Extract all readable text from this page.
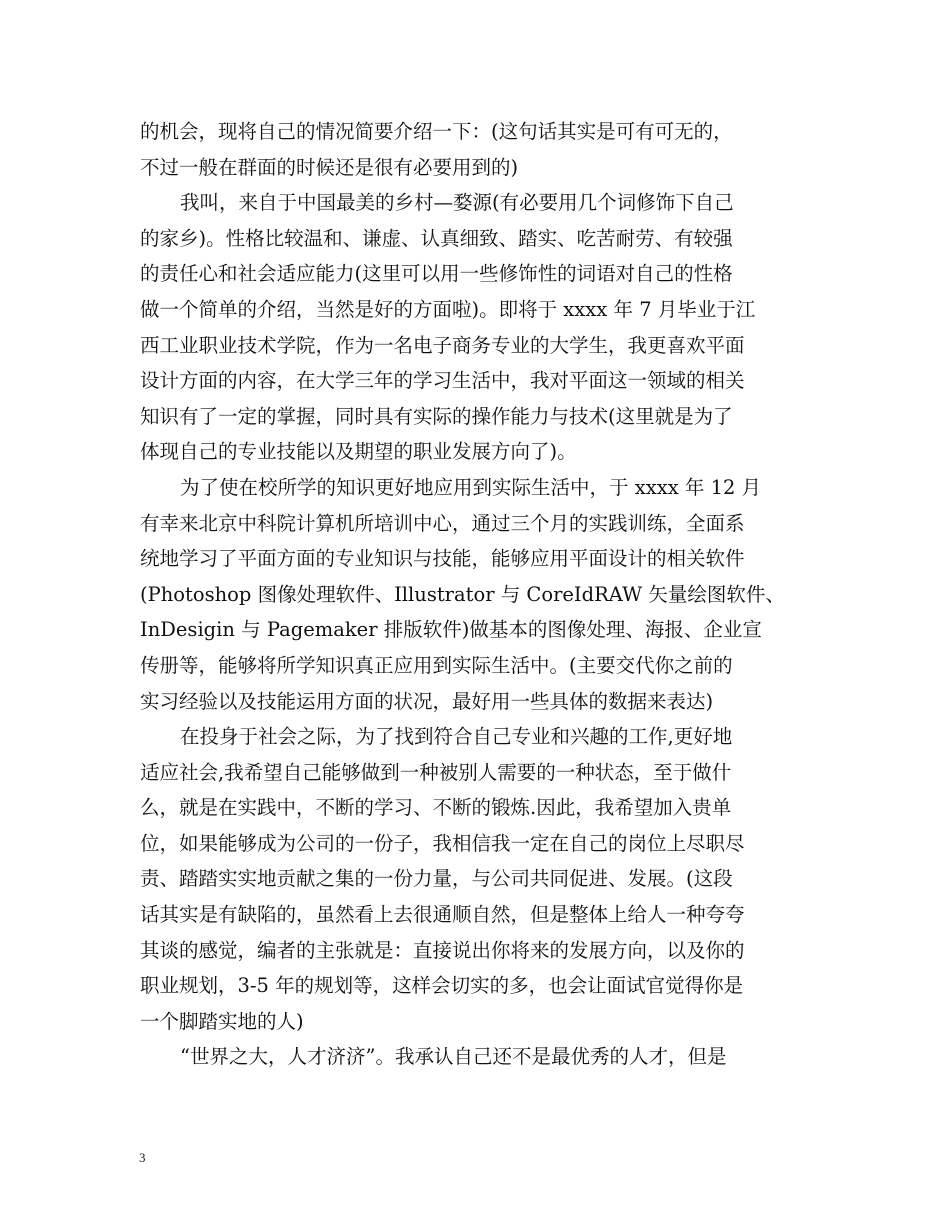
的机会，现将自己的情况简要介绍一下：(这句话其实是可有可无的，
不过一般在群面的时候还是很有必要用到的)
我叫，来自于中国最美的乡村—婺源(有必要用几个词修饰下自己
的家乡)。性格比较温和、谦虚、认真细致、踏实、吃苦耐劳、有较强
的责任心和社会适应能力(这里可以用一些修饰性的词语对自己的性格
做一个简单的介绍，当然是好的方面啦)。即将于 xxxx 年 7 月毕业于江
西工业职业技术学院，作为一名电子商务专业的大学生，我更喜欢平面
设计方面的内容，在大学三年的学习生活中，我对平面这一领域的相关
知识有了一定的掌握，同时具有实际的操作能力与技术(这里就是为了
体现自己的专业技能以及期望的职业发展方向了)。
为了使在校所学的知识更好地应用到实际生活中，于 xxxx 年 12 月
有幸来北京中科院计算机所培训中心，通过三个月的实践训练，全面系
统地学习了平面方面的专业知识与技能，能够应用平面设计的相关软件
(Photoshop 图像处理软件、Illustrator 与 CoreIdRAW 矢量绘图软件、
InDesigin 与 Pagemaker 排版软件)做基本的图像处理、海报、企业宣
传册等，能够将所学知识真正应用到实际生活中。(主要交代你之前的
实习经验以及技能运用方面的状况，最好用一些具体的数据来表达)
在投身于社会之际，为了找到符合自己专业和兴趣的工作,更好地
适应社会,我希望自己能够做到一种被别人需要的一种状态，至于做什
么，就是在实践中，不断的学习、不断的锻炼.因此，我希望加入贵单
位，如果能够成为公司的一份子，我相信我一定在自己的岗位上尽职尽
责、踏踏实实地贡献之集的一份力量，与公司共同促进、发展。(这段
话其实是有缺陷的，虽然看上去很通顺自然，但是整体上给人一种夸夸
其谈的感觉，编者的主张就是：直接说出你将来的发展方向，以及你的
职业规划，3-5 年的规划等，这样会切实的多，也会让面试官觉得你是
一个脚踏实地的人)
“世界之大，人才济济”。我承认自己还不是最优秀的人才，但是
3
